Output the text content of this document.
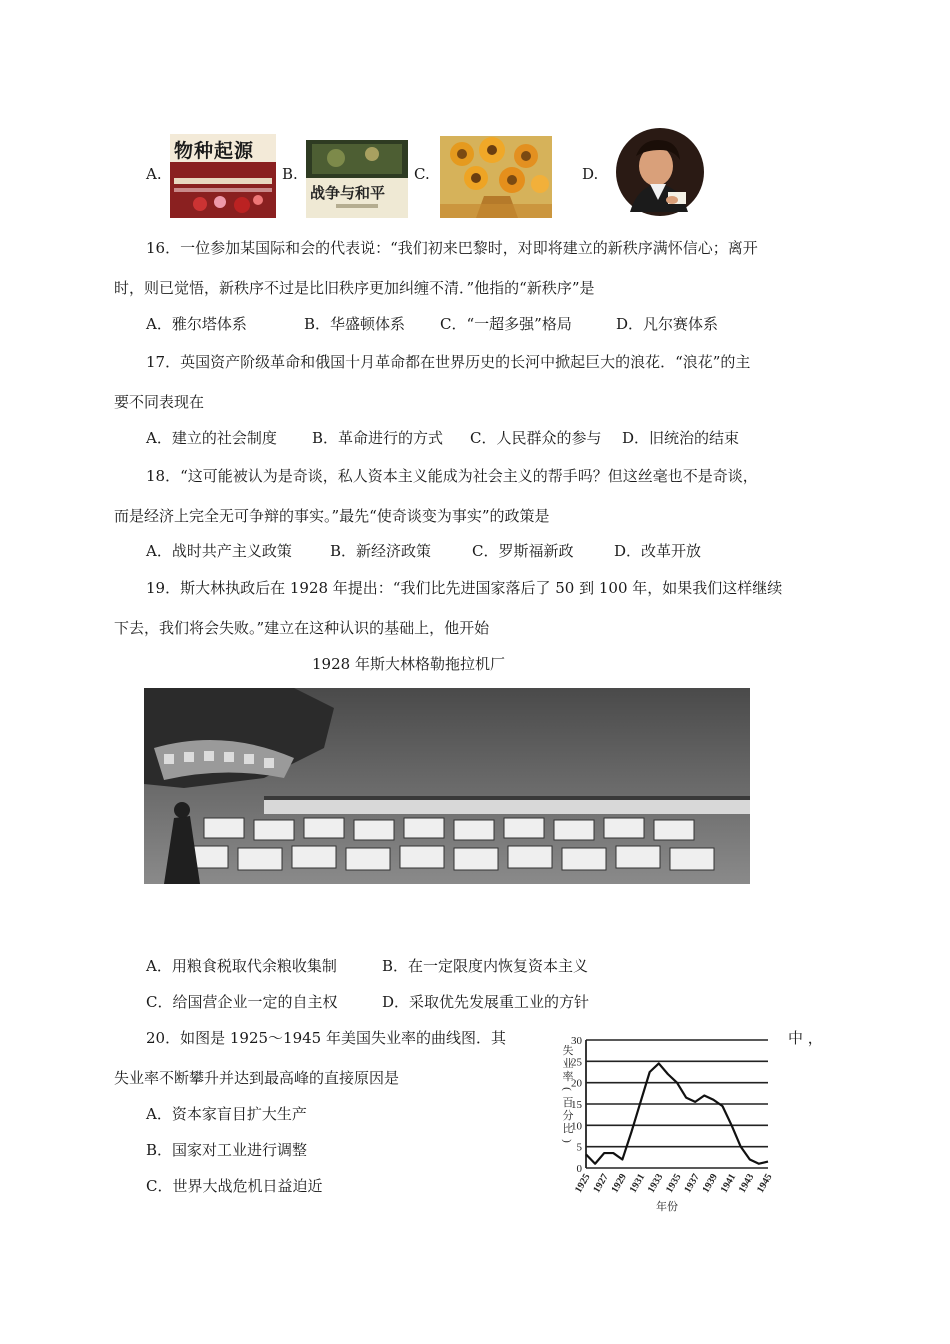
A.
物种起源
B.
战争与和平
C.	D.
16．一位参加某国际和会的代表说：“我们初来巴黎时，对即将建立的新秩序满怀信心；离开
时，则已觉悟，新秩序不过是比旧秩序更加纠缠不清．”他指的“新秩序”是
A．雅尔塔体系	B．华盛顿体系 C．“一超多强”格局	D．凡尔赛体系
17．英国资产阶级革命和俄国十月革命都在世界历史的长河中掀起巨大的浪花．“浪花”的主
要不同表现在
A．建立的社会制度 B．革命进行的方式 C．人民群众的参与 D．旧统治的结束
18．“这可能被认为是奇谈，私人资本主义能成为社会主义的帮手吗？但这丝毫也不是奇谈，
而是经济上完全无可争辩的事实。”最先“使奇谈变为事实”的政策是
A．战时共产主义政策	B．新经济政策	C．罗斯福新政	D．改革开放
19．斯大林执政后在 1928 年提出：“我们比先进国家落后了 50 到 100 年，如果我们这样继续
下去，我们将会失败。”建立在这种认识的基础上，他开始
1928 年斯大林格勒拖拉机厂
A．用粮食税取代余粮收集制	B．在一定限度内恢复资本主义
C．给国营企业一定的自主权	D．采取优先发展重工业的方针
20．如图是 1925～1945 年美国失业率的曲线图．其	中 ，
失业率不断攀升并达到最高峰的直接原因是
A．资本家盲目扩大生产
B．国家对工业进行调整
C．世界大战危机日益迫近
0
5
10
15
20
25
30
1925
1927
1929
1931
1933
1935
1937
1939
1941
1943
1945
年份
失
业
率
(
百
分
比
)
